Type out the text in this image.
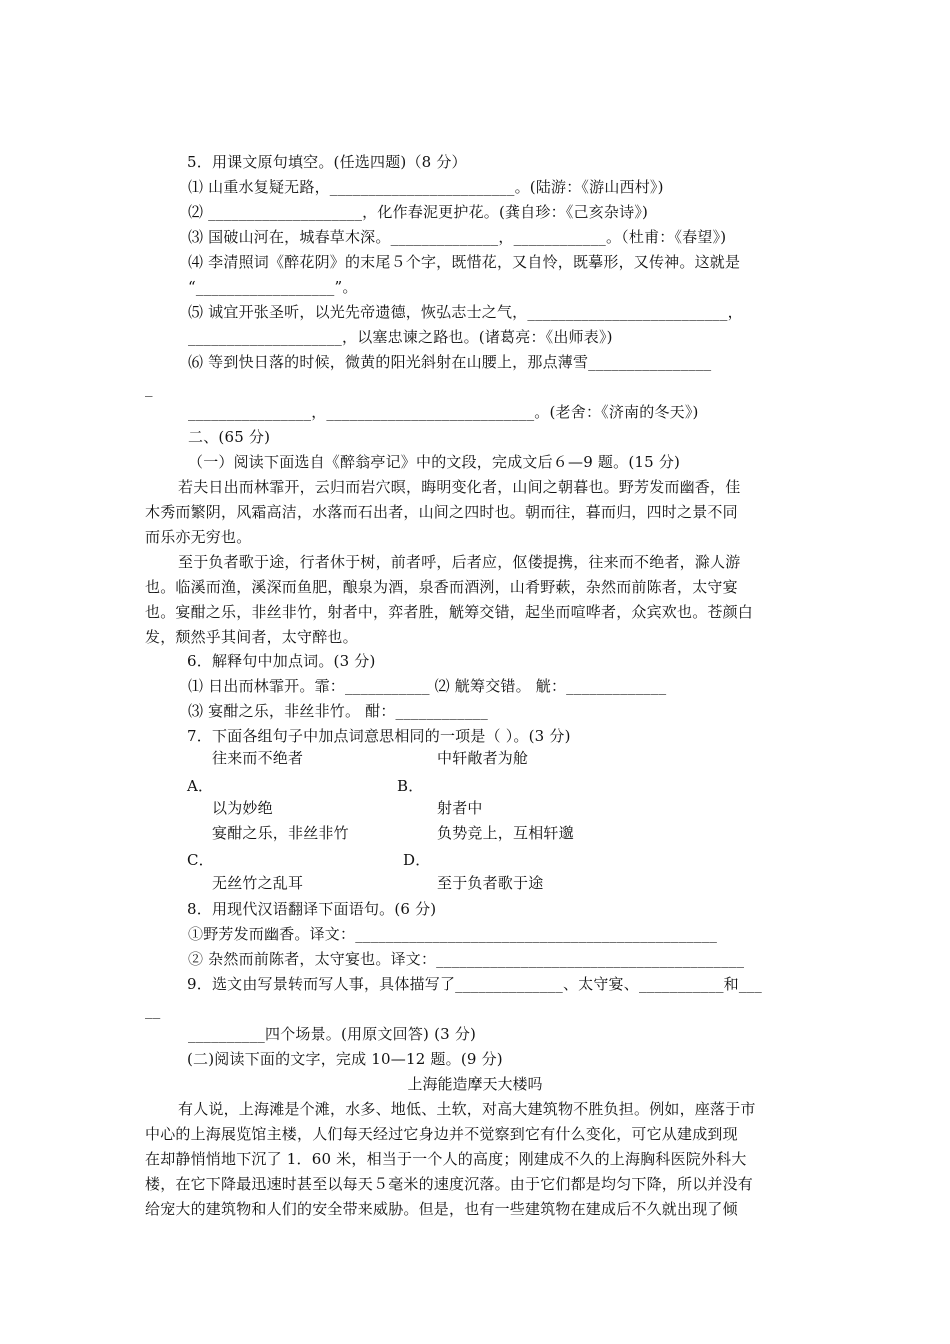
5．用课文原句填空。(任选四题)（8 分）
⑴ 山重水复疑无路，________________________。(陆游：《游山西村》)
⑵ ____________________，化作春泥更护花。(龚自珍：《己亥杂诗》)
⑶ 国破山河在，城春草木深。______________，____________。（杜甫：《春望》)
⑷ 李清照词《醉花阴》的末尾５个字，既惜花，又自怜，既摹形，又传神。这就是
“__________________”。
⑸ 诚宜开张圣听，以光先帝遗德，恢弘志士之气，__________________________，
____________________，以塞忠谏之路也。(诸葛亮：《出师表》)
⑹ 等到快日落的时候，微黄的阳光斜射在山腰上，那点薄雪________________
_
________________，___________________________。(老舍：《济南的冬天》)
二、(65 分)
（一）阅读下面选自《醉翁亭记》中的文段，完成文后６—9 题。(15 分)
若夫日出而林霏开，云归而岩穴暝，晦明变化者，山间之朝暮也。野芳发而幽香，佳
木秀而繁阴，风霜高洁，水落而石出者，山间之四时也。朝而往，暮而归，四时之景不同
而乐亦无穷也。
至于负者歌于途，行者休于树，前者呼，后者应，伛偻提携，往来而不绝者，滁人游
也。临溪而渔，溪深而鱼肥，酿泉为酒，泉香而酒洌，山肴野蔌，杂然而前陈者，太守宴
也。宴酣之乐，非丝非竹，射者中，弈者胜，觥筹交错，起坐而喧哗者，众宾欢也。苍颜白
发，颓然乎其间者，太守醉也。
6．解释句中加点词。(3 分)
⑴ 日出而林霏开。霏：___________ ⑵ 觥筹交错。 觥：_____________
⑶ 宴酣之乐，非丝非竹。 酣：____________
7．下面各组句子中加点词意思相同的一项是（ ）。(3 分)
往来而不绝者	中轩敞者为舱
A．	B．
以为妙绝	射者中
宴酣之乐，非丝非竹	负势竞上，互相轩邈
C．	D．
无丝竹之乱耳	至于负者歌于途
8．用现代汉语翻译下面语句。(6 分)
①野芳发而幽香。译文：_______________________________________________
② 杂然而前陈者，太守宴也。译文：________________________________________
9．选文由写景转而写人事，具体描写了______________、太守宴、___________和___
__
__________四个场景。(用原文回答) (3 分)
(二)阅读下面的文字，完成 10—12 题。(9 分)
上海能造摩天大楼吗
有人说，上海滩是个滩，水多、地低、土软，对高大建筑物不胜负担。例如，座落于市
中心的上海展览馆主楼，人们每天经过它身边并不觉察到它有什么变化，可它从建成到现
在却静悄悄地下沉了 1．60 米，相当于一个人的高度；刚建成不久的上海胸科医院外科大
楼，在它下降最迅速时甚至以每天５毫米的速度沉落。由于它们都是均匀下降，所以并没有
给宠大的建筑物和人们的安全带来威胁。但是，也有一些建筑物在建成后不久就出现了倾
